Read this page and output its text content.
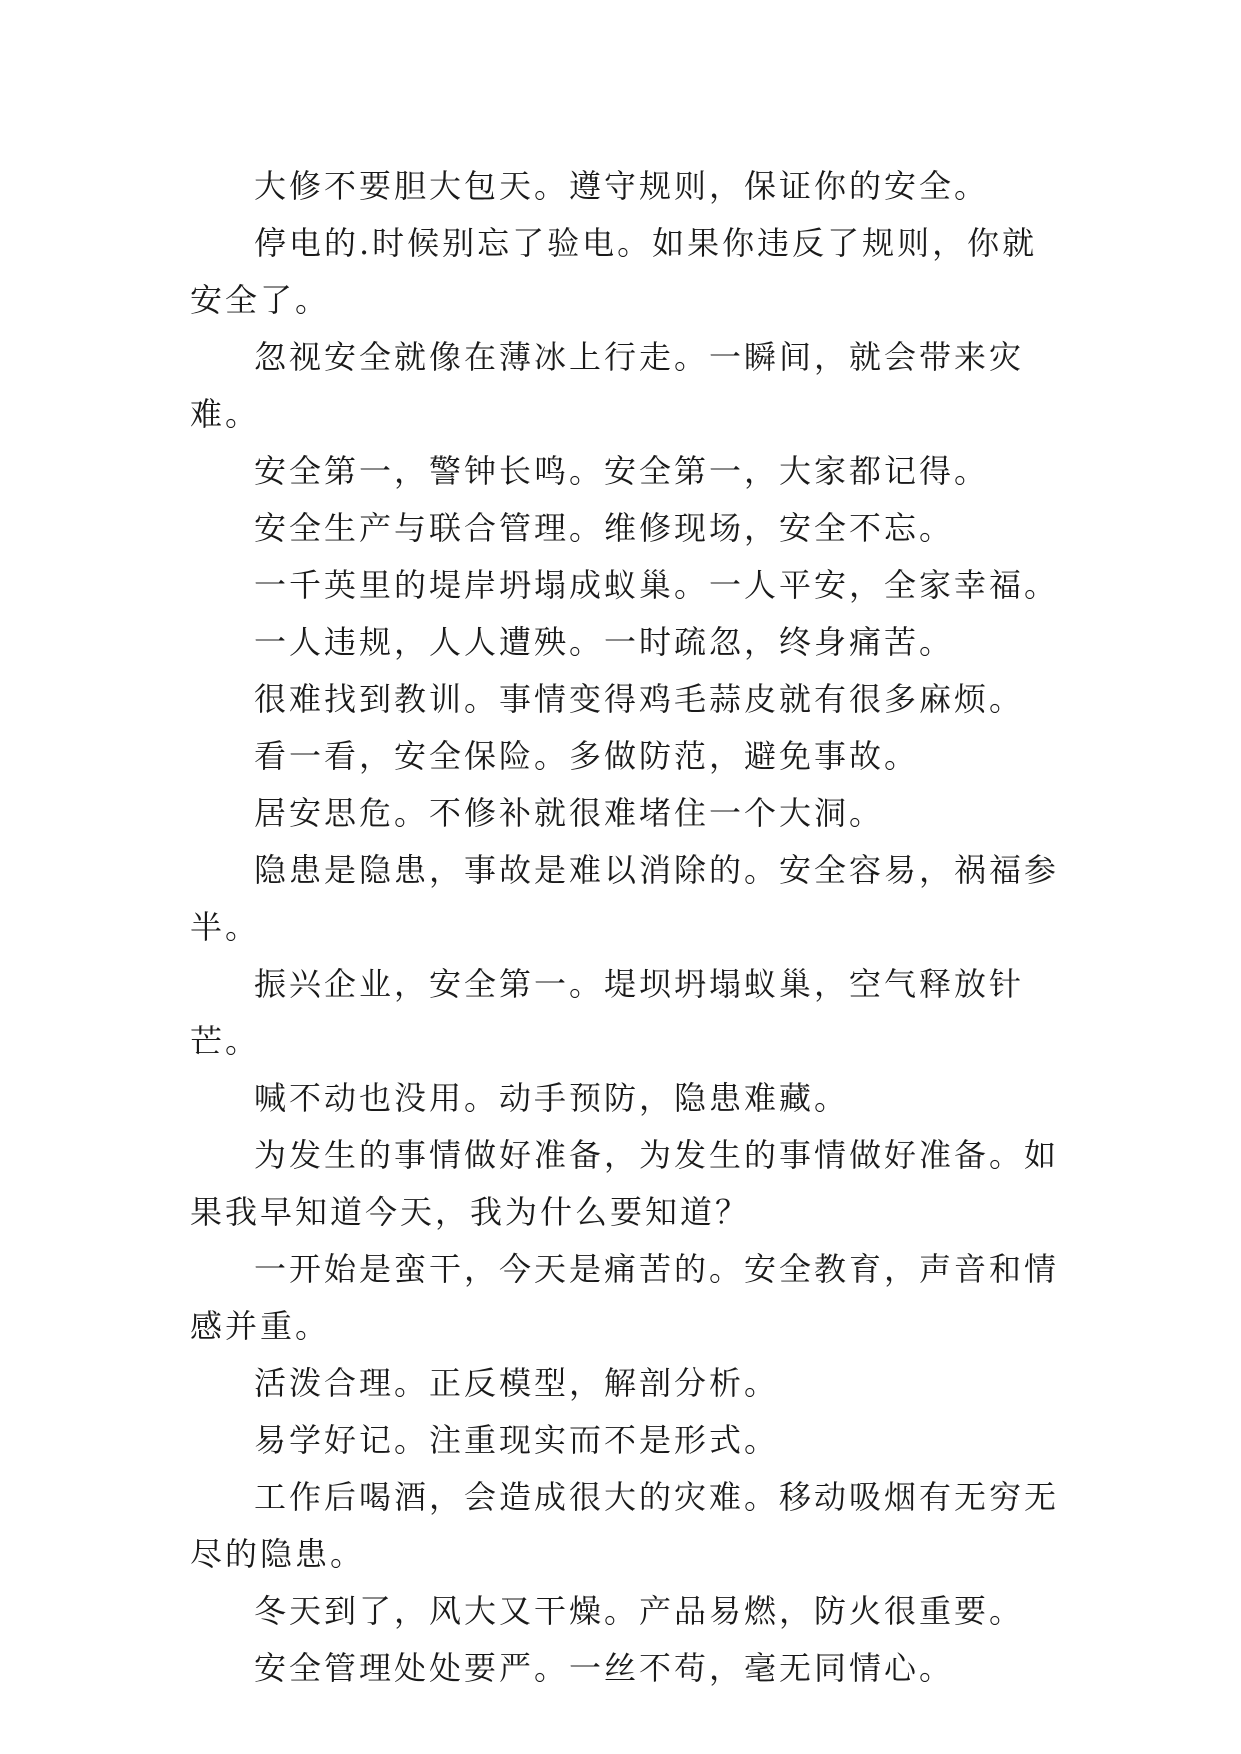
大修不要胆大包天。遵守规则，保证你的安全。

停电的.时候别忘了验电。如果你违反了规则，你就安全了。

忽视安全就像在薄冰上行走。一瞬间，就会带来灾难。

安全第一，警钟长鸣。安全第一，大家都记得。

安全生产与联合管理。维修现场，安全不忘。

一千英里的堤岸坍塌成蚁巢。一人平安，全家幸福。

一人违规，人人遭殃。一时疏忽，终身痛苦。

很难找到教训。事情变得鸡毛蒜皮就有很多麻烦。

看一看，安全保险。多做防范，避免事故。

居安思危。不修补就很难堵住一个大洞。

隐患是隐患，事故是难以消除的。安全容易，祸福参半。

振兴企业，安全第一。堤坝坍塌蚁巢，空气释放针芒。

喊不动也没用。动手预防，隐患难藏。

为发生的事情做好准备，为发生的事情做好准备。如果我早知道今天，我为什么要知道？

一开始是蛮干，今天是痛苦的。安全教育，声音和情感并重。

活泼合理。正反模型，解剖分析。

易学好记。注重现实而不是形式。

工作后喝酒，会造成很大的灾难。移动吸烟有无穷无尽的隐患。

冬天到了，风大又干燥。产品易燃，防火很重要。

安全管理处处要严。一丝不苟，毫无同情心。
